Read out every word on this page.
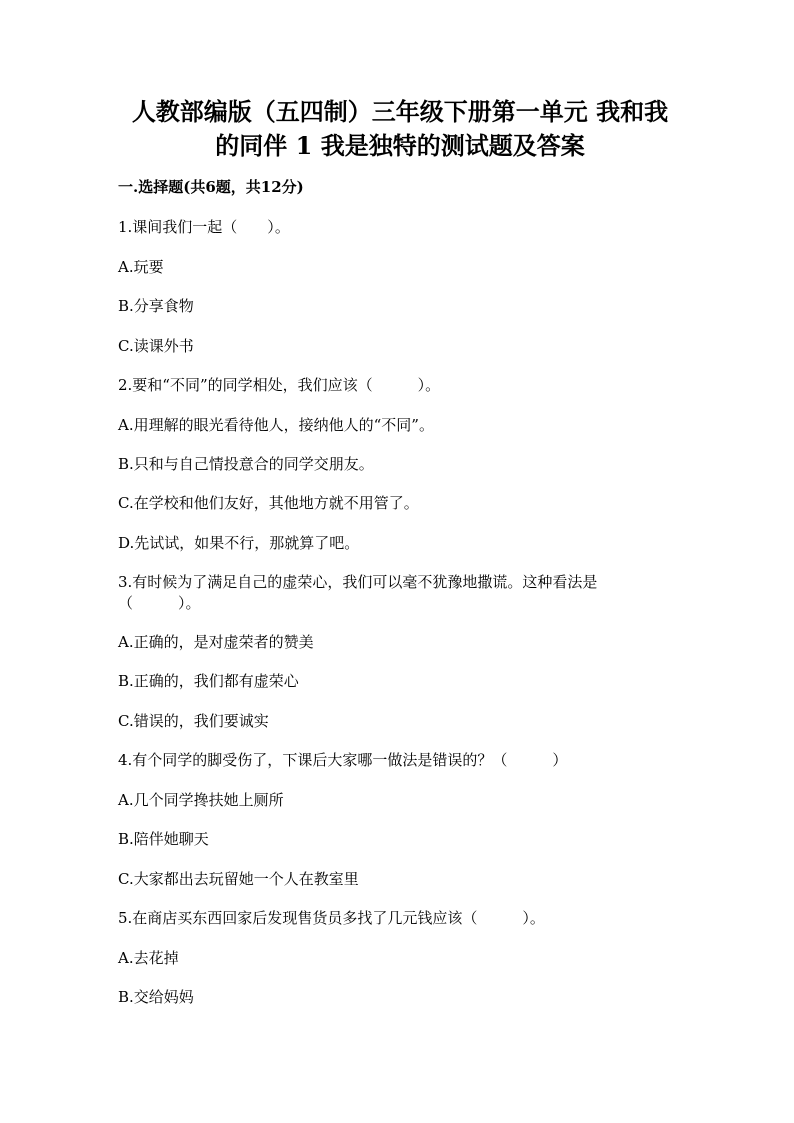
人教部编版（五四制）三年级下册第一单元 我和我
的同伴 1 我是独特的测试题及答案
一.选择题(共6题，共12分)
1.课间我们一起（　　）。
A.玩要
B.分享食物
C.读课外书
2.要和“不同”的同学相处，我们应该（　　　）。
A.用理解的眼光看待他人，接纳他人的“不同”。
B.只和与自己情投意合的同学交朋友。
C.在学校和他们友好，其他地方就不用管了。
D.先试试，如果不行，那就算了吧。
3.有时候为了满足自己的虚荣心，我们可以毫不犹豫地撒谎。这种看法是
（　　　）。
A.正确的，是对虚荣者的赞美
B.正确的，我们都有虚荣心
C.错误的，我们要诚实
4.有个同学的脚受伤了，下课后大家哪一做法是错误的？（　　　）
A.几个同学搀扶她上厕所
B.陪伴她聊天
C.大家都出去玩留她一个人在教室里
5.在商店买东西回家后发现售货员多找了几元钱应该（　　　）。
A.去花掉
B.交给妈妈
